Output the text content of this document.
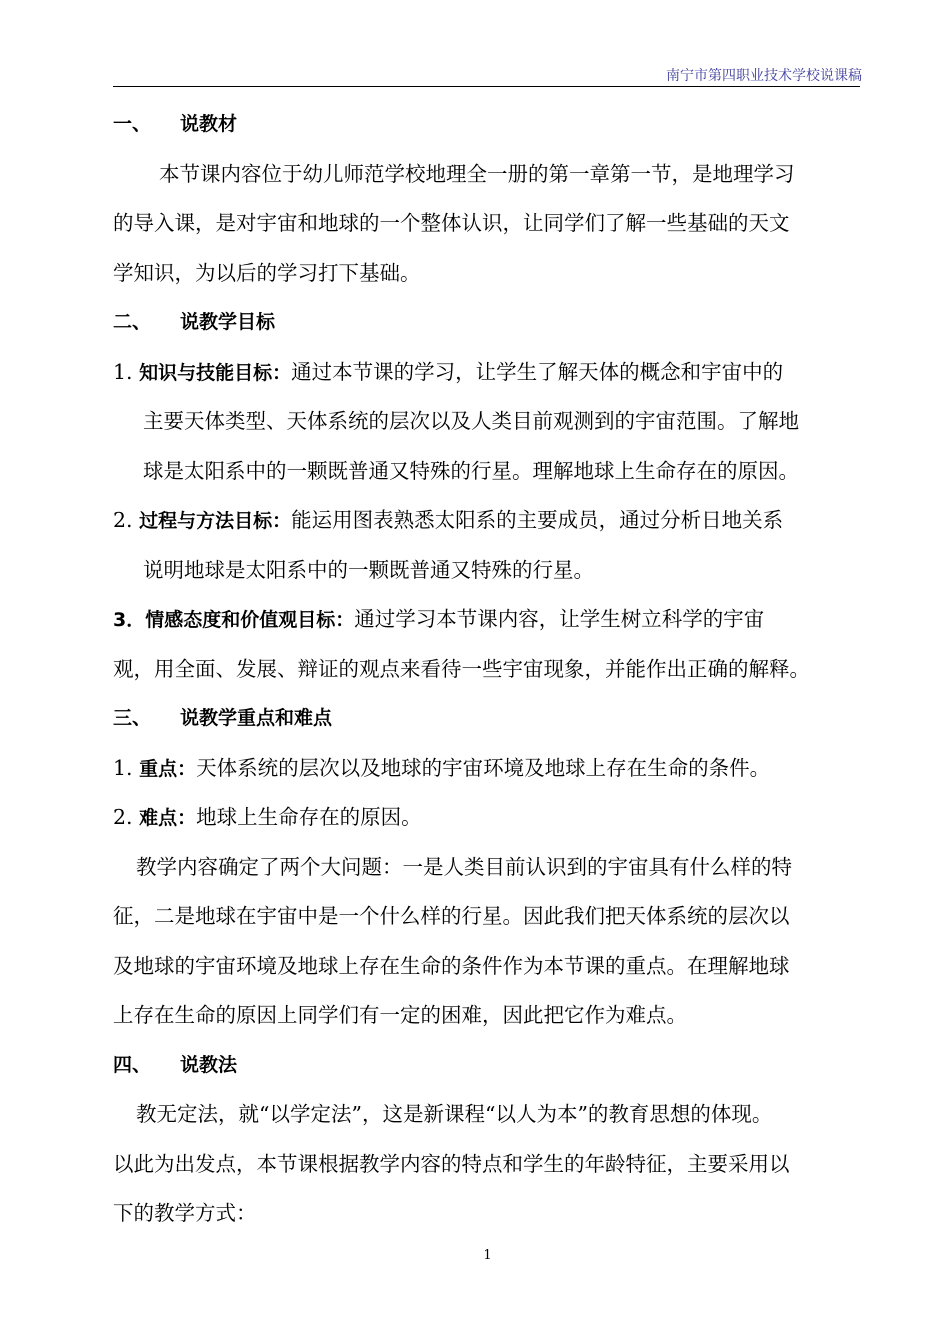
南宁市第四职业技术学校说课稿
一、 说教材
本节课内容位于幼儿师范学校地理全一册的第一章第一节，是地理学习
的导入课，是对宇宙和地球的一个整体认识，让同学们了解一些基础的天文
学知识，为以后的学习打下基础。
二、 说教学目标
1. 知识与技能目标：通过本节课的学习，让学生了解天体的概念和宇宙中的
主要天体类型、天体系统的层次以及人类目前观测到的宇宙范围。了解地
球是太阳系中的一颗既普通又特殊的行星。理解地球上生命存在的原因。
2. 过程与方法目标：能运用图表熟悉太阳系的主要成员，通过分析日地关系
说明地球是太阳系中的一颗既普通又特殊的行星。
3．情感态度和价值观目标：通过学习本节课内容，让学生树立科学的宇宙
观，用全面、发展、辩证的观点来看待一些宇宙现象，并能作出正确的解释。
三、 说教学重点和难点
1. 重点：天体系统的层次以及地球的宇宙环境及地球上存在生命的条件。
2. 难点：地球上生命存在的原因。
教学内容确定了两个大问题：一是人类目前认识到的宇宙具有什么样的特
征，二是地球在宇宙中是一个什么样的行星。因此我们把天体系统的层次以
及地球的宇宙环境及地球上存在生命的条件作为本节课的重点。在理解地球
上存在生命的原因上同学们有一定的困难，因此把它作为难点。
四、 说教法
教无定法，就“以学定法”，这是新课程“以人为本”的教育思想的体现。
以此为出发点，本节课根据教学内容的特点和学生的年龄特征，主要采用以
下的教学方式：
1
